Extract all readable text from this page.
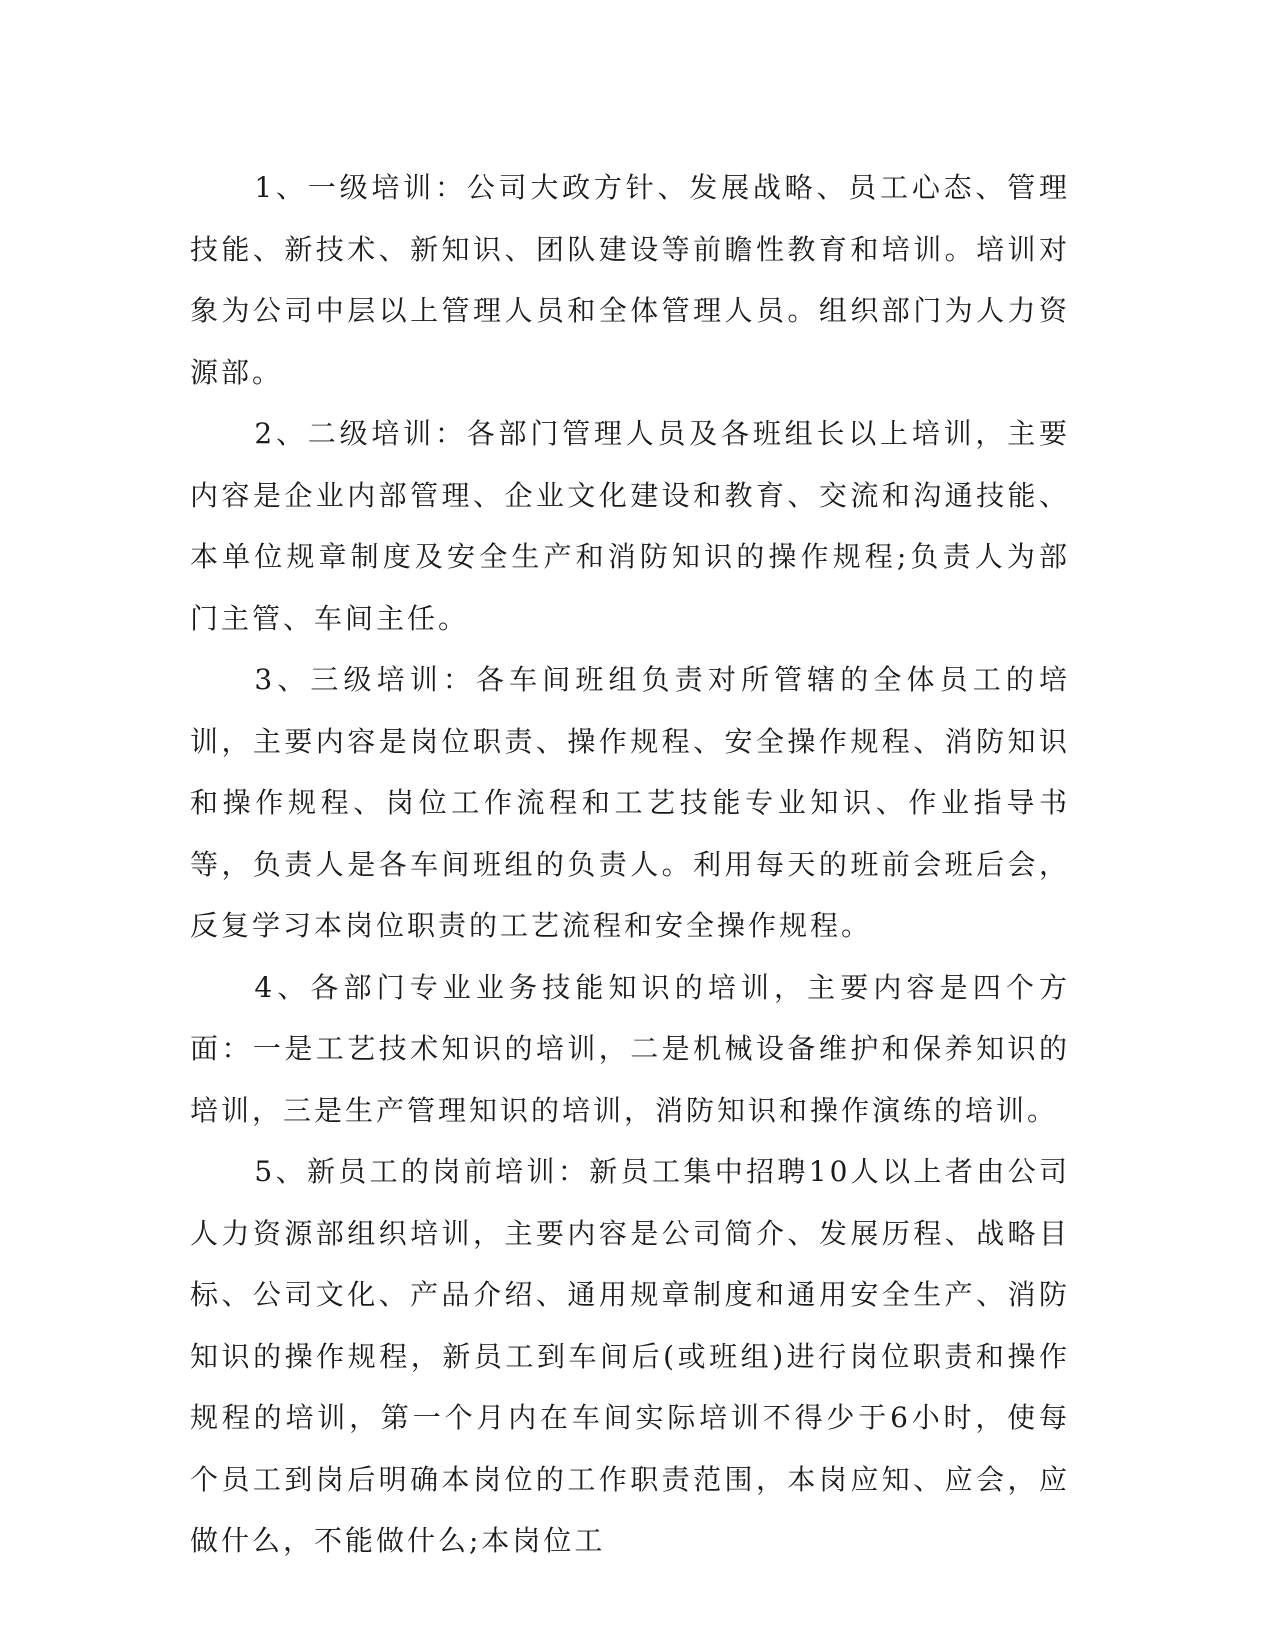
1、一级培训：公司大政方针、发展战略、员工心态、管理技能、新技术、新知识、团队建设等前瞻性教育和培训。培训对象为公司中层以上管理人员和全体管理人员。组织部门为人力资源部。

2、二级培训：各部门管理人员及各班组长以上培训，主要内容是企业内部管理、企业文化建设和教育、交流和沟通技能、本单位规章制度及安全生产和消防知识的操作规程;负责人为部门主管、车间主任。

3、三级培训：各车间班组负责对所管辖的全体员工的培训，主要内容是岗位职责、操作规程、安全操作规程、消防知识和操作规程、岗位工作流程和工艺技能专业知识、作业指导书等，负责人是各车间班组的负责人。利用每天的班前会班后会，反复学习本岗位职责的工艺流程和安全操作规程。

4、各部门专业业务技能知识的培训，主要内容是四个方面：一是工艺技术知识的培训，二是机械设备维护和保养知识的培训，三是生产管理知识的培训，消防知识和操作演练的培训。

5、新员工的岗前培训：新员工集中招聘10人以上者由公司人力资源部组织培训，主要内容是公司简介、发展历程、战略目标、公司文化、产品介绍、通用规章制度和通用安全生产、消防知识的操作规程，新员工到车间后(或班组)进行岗位职责和操作规程的培训，第一个月内在车间实际培训不得少于6小时，使每个员工到岗后明确本岗位的工作职责范围，本岗应知、应会，应做什么，不能做什么;本岗位工
